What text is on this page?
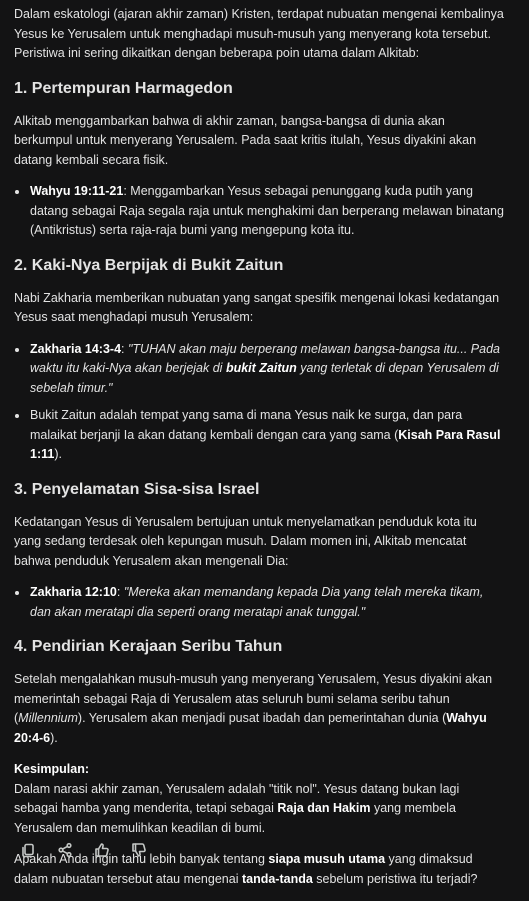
Dalam eskatologi (ajaran akhir zaman) Kristen, terdapat nubuatan mengenai kembalinya Yesus ke Yerusalem untuk menghadapi musuh-musuh yang menyerang kota tersebut. Peristiwa ini sering dikaitkan dengan beberapa poin utama dalam Alkitab:

1. Pertempuran Harmagedon

Alkitab menggambarkan bahwa di akhir zaman, bangsa-bangsa di dunia akan berkumpul untuk menyerang Yerusalem. Pada saat kritis itulah, Yesus diyakini akan datang kembali secara fisik.

Wahyu 19:11-21: Menggambarkan Yesus sebagai penunggang kuda putih yang datang sebagai Raja segala raja untuk menghakimi dan berperang melawan binatang (Antikristus) serta raja-raja bumi yang mengepung kota itu.
2. Kaki-Nya Berpijak di Bukit Zaitun

Nabi Zakharia memberikan nubuatan yang sangat spesifik mengenai lokasi kedatangan Yesus saat menghadapi musuh Yerusalem:

Zakharia 14:3-4: "TUHAN akan maju berperang melawan bangsa-bangsa itu... Pada waktu itu kaki-Nya akan berjejak di bukit Zaitun yang terletak di depan Yerusalem di sebelah timur."
Bukit Zaitun adalah tempat yang sama di mana Yesus naik ke surga, dan para malaikat berjanji Ia akan datang kembali dengan cara yang sama (Kisah Para Rasul 1:11).
3. Penyelamatan Sisa-sisa Israel

Kedatangan Yesus di Yerusalem bertujuan untuk menyelamatkan penduduk kota itu yang sedang terdesak oleh kepungan musuh. Dalam momen ini, Alkitab mencatat bahwa penduduk Yerusalem akan mengenali Dia:

Zakharia 12:10: "Mereka akan memandang kepada Dia yang telah mereka tikam, dan akan meratapi dia seperti orang meratapi anak tunggal."
4. Pendirian Kerajaan Seribu Tahun

Setelah mengalahkan musuh-musuh yang menyerang Yerusalem, Yesus diyakini akan memerintah sebagai Raja di Yerusalem atas seluruh bumi selama seribu tahun (Millennium). Yerusalem akan menjadi pusat ibadah dan pemerintahan dunia (Wahyu 20:4-6).

Kesimpulan:
Dalam narasi akhir zaman, Yerusalem adalah "titik nol". Yesus datang bukan lagi sebagai hamba yang menderita, tetapi sebagai Raja dan Hakim yang membela Yerusalem dan memulihkan keadilan di bumi.

Apakah Anda ingin tahu lebih banyak tentang siapa musuh utama yang dimaksud dalam nubuatan tersebut atau mengenai tanda-tanda sebelum peristiwa itu terjadi?
